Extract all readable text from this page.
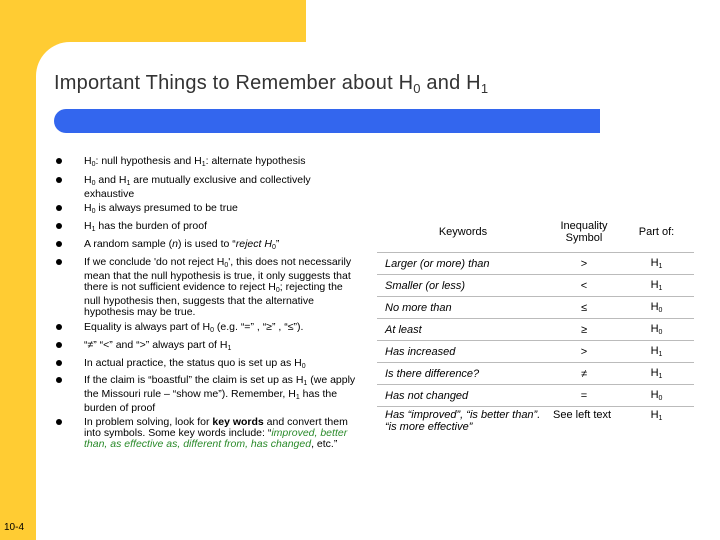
Important Things to Remember about $H_0$ and $H_1$
$H_0$: null hypothesis and $H_1$: alternate hypothesis
$H_0$ and $H_1$ are mutually exclusive and collectively exhaustive
$H_0$ is always presumed to be true
$H_1$ has the burden of proof
A random sample (n) is used to “reject $H_0$”
If we conclude 'do not reject $H_0'$, this does not necessarily mean that the null hypothesis is true, it only suggests that there is not sufficient evidence to reject $H_0$; rejecting the null hypothesis then, suggests that the alternative hypothesis may be true.
Equality is always part of $H_0$ (e.g. “=” , “≥” , “≤”).
“≠” “<” and “>” always part of $H_1$
In actual practice, the status quo is set up as $H_0$
If the claim is “boastful” the claim is set up as $H_1$ (we apply the Missouri rule – “show me”). Remember, $H_1$ has the burden of proof
In problem solving, look for key words and convert them into symbols. Some key words include: “improved, better than, as effective as, different from, has changed, etc.”
Keywords	Inequality Symbol	Part of:
Larger (or more) than	>	$H_1$
Smaller (or less)	<	$H_1$
No more than	≤	$H_0$
At least	≥	$H_0$
Has increased	>	$H_1$
Is there difference?	≠	$H_1$
Has not changed	=	$H_0$
Has “improved”, “is better than”. “is more effective”	See left text	$H_1$
10-4
